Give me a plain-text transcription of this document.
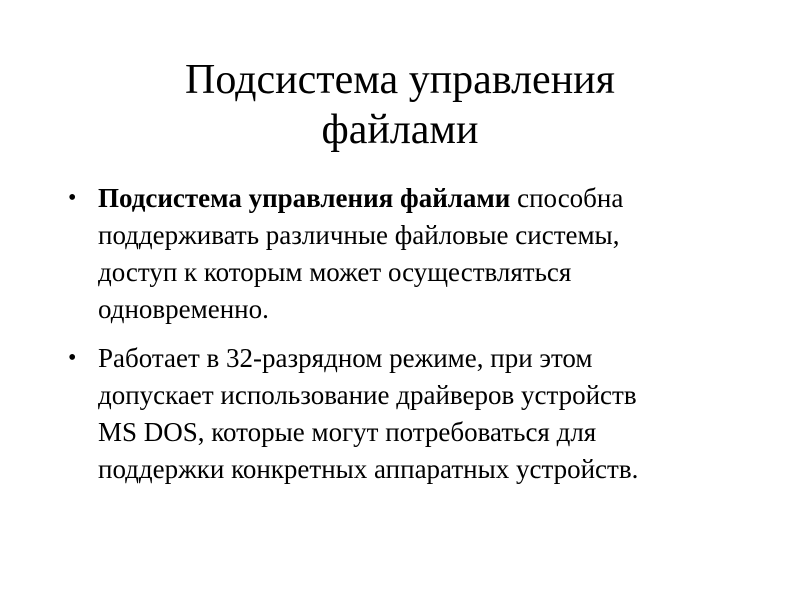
Подсистема управления
файлами
• Подсистема управления файлами способна
поддерживать различные файловые системы,
доступ к которым может осуществляться
одновременно.
• Работает в 32-разрядном режиме, при этом
допускает использование драйверов устройств
MS DOS, которые могут потребоваться для
поддержки конкретных аппаратных устройств.
